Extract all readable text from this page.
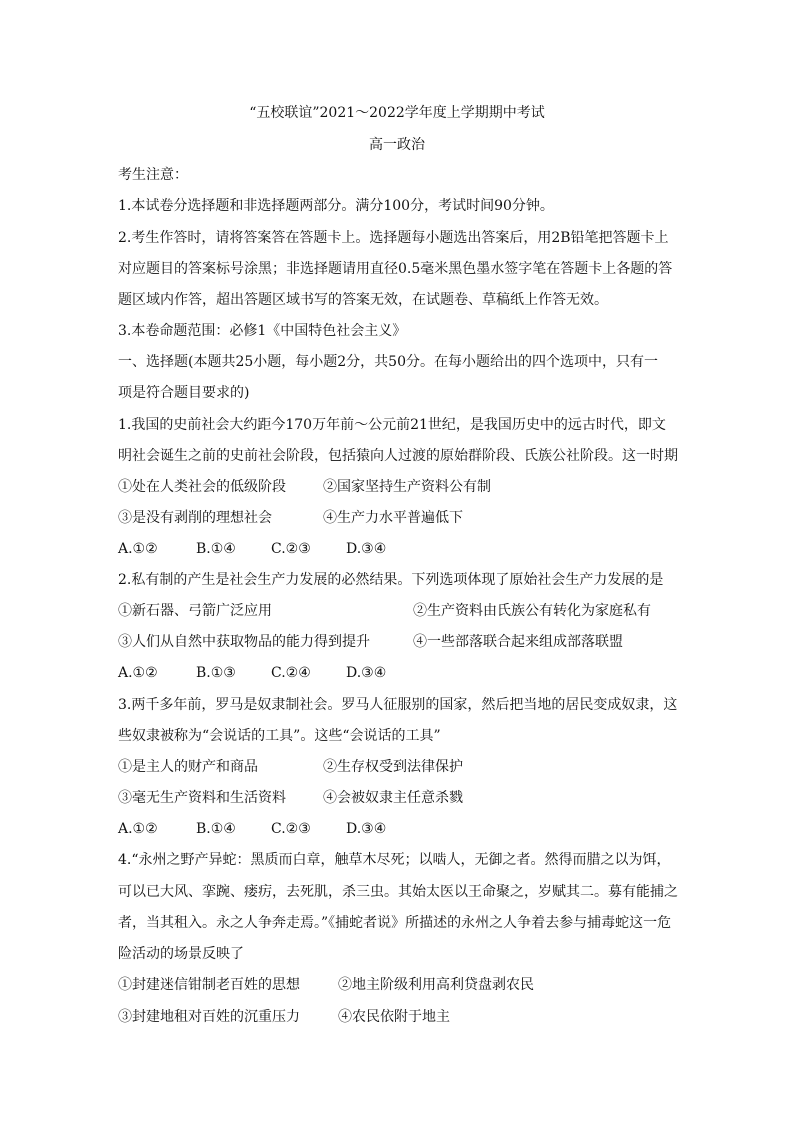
“五校联谊”2021～2022学年度上学期期中考试
高一政治
考生注意：
1.本试卷分选择题和非选择题两部分。满分100分，考试时间90分钟。
2.考生作答时，请将答案答在答题卡上。选择题每小题选出答案后，用2B铅笔把答题卡上
对应题目的答案标号涂黑；非选择题请用直径0.5毫米黑色墨水签字笔在答题卡上各题的答
题区域内作答，超出答题区域书写的答案无效，在试题卷、草稿纸上作答无效。
3.本卷命题范围：必修1《中国特色社会主义》
一、选择题(本题共25小题，每小题2分，共50分。在每小题给出的四个选项中，只有一
项是符合题目要求的)
1.我国的史前社会大约距今170万年前～公元前21世纪，是我国历史中的远古时代，即文
明社会诞生之前的史前社会阶段，包括猿向人过渡的原始群阶段、氏族公社阶段。这一时期
①处在人类社会的低级阶段	②国家坚持生产资料公有制
③是没有剥削的理想社会	④生产力水平普遍低下
A.①②	B.①④	C.②③	D.③④
2.私有制的产生是社会生产力发展的必然结果。下列选项体现了原始社会生产力发展的是
①新石器、弓箭广泛应用	②生产资料由氏族公有转化为家庭私有
③人们从自然中获取物品的能力得到提升	④一些部落联合起来组成部落联盟
A.①②	B.①③	C.②④	D.③④
3.两千多年前，罗马是奴隶制社会。罗马人征服别的国家，然后把当地的居民变成奴隶，这
些奴隶被称为“会说话的工具”。这些“会说话的工具”
①是主人的财产和商品	②生存权受到法律保护
③毫无生产资料和生活资料	④会被奴隶主任意杀戮
A.①②	B.①④	C.②③	D.③④
4.“永州之野产异蛇：黑质而白章，触草木尽死；以啮人，无御之者。然得而腊之以为饵，
可以已大风、挛踠、瘘疠，去死肌，杀三虫。其始太医以王命聚之，岁赋其二。募有能捕之
者，当其租入。永之人争奔走焉。”《捕蛇者说》所描述的永州之人争着去参与捕毒蛇这一危
险活动的场景反映了
①封建迷信钳制老百姓的思想	②地主阶级利用高利贷盘剥农民
③封建地租对百姓的沉重压力	④农民依附于地主
